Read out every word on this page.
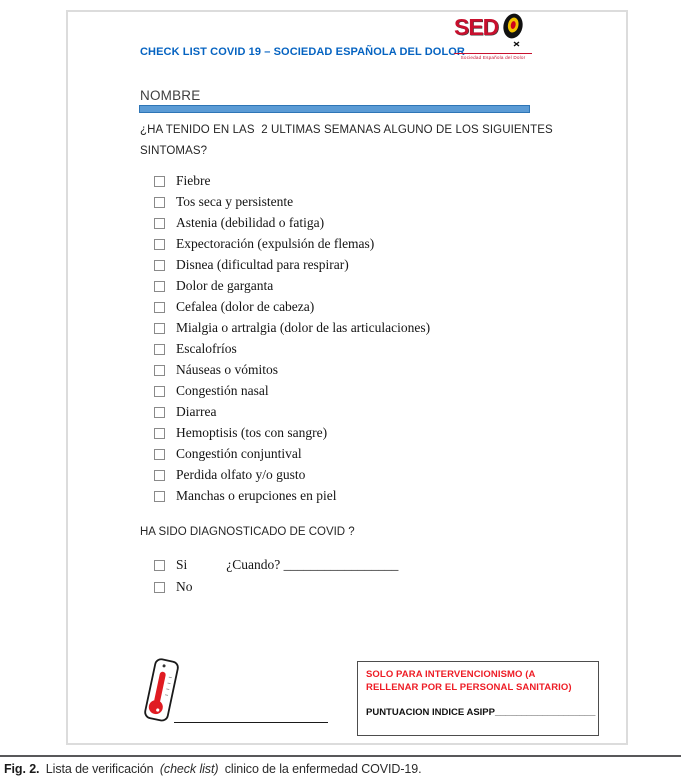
CHECK LIST COVID 19 – SOCIEDAD ESPAÑOLA DEL DOLOR
SED
Sociedad Española del Dolor
NOMBRE
¿HA TENIDO EN LAS  2 ULTIMAS SEMANAS ALGUNO DE LOS SIGUIENTES
SINTOMAS?
Fiebre
Tos seca y persistente
Astenia (debilidad o fatiga)
Expectoración (expulsión de flemas)
Disnea (dificultad para respirar)
Dolor de garganta
Cefalea (dolor de cabeza)
Mialgia o artralgia (dolor de las articulaciones)
Escalofríos
Náuseas o vómitos
Congestión nasal
Diarrea
Hemoptisis (tos con sangre)
Congestión conjuntival
Perdida olfato y/o gusto
Manchas o erupciones en piel
HA SIDO DIAGNOSTICADO DE COVID ?
Si	¿Cuando? _________________
No
SOLO PARA INTERVENCIONISMO (A RELLENAR POR EL PERSONAL SANITARIO)
PUNTUACION INDICE ASIPP___________________
Fig. 2. Lista de verificación (check list) clinico de la enfermedad COVID-19.
